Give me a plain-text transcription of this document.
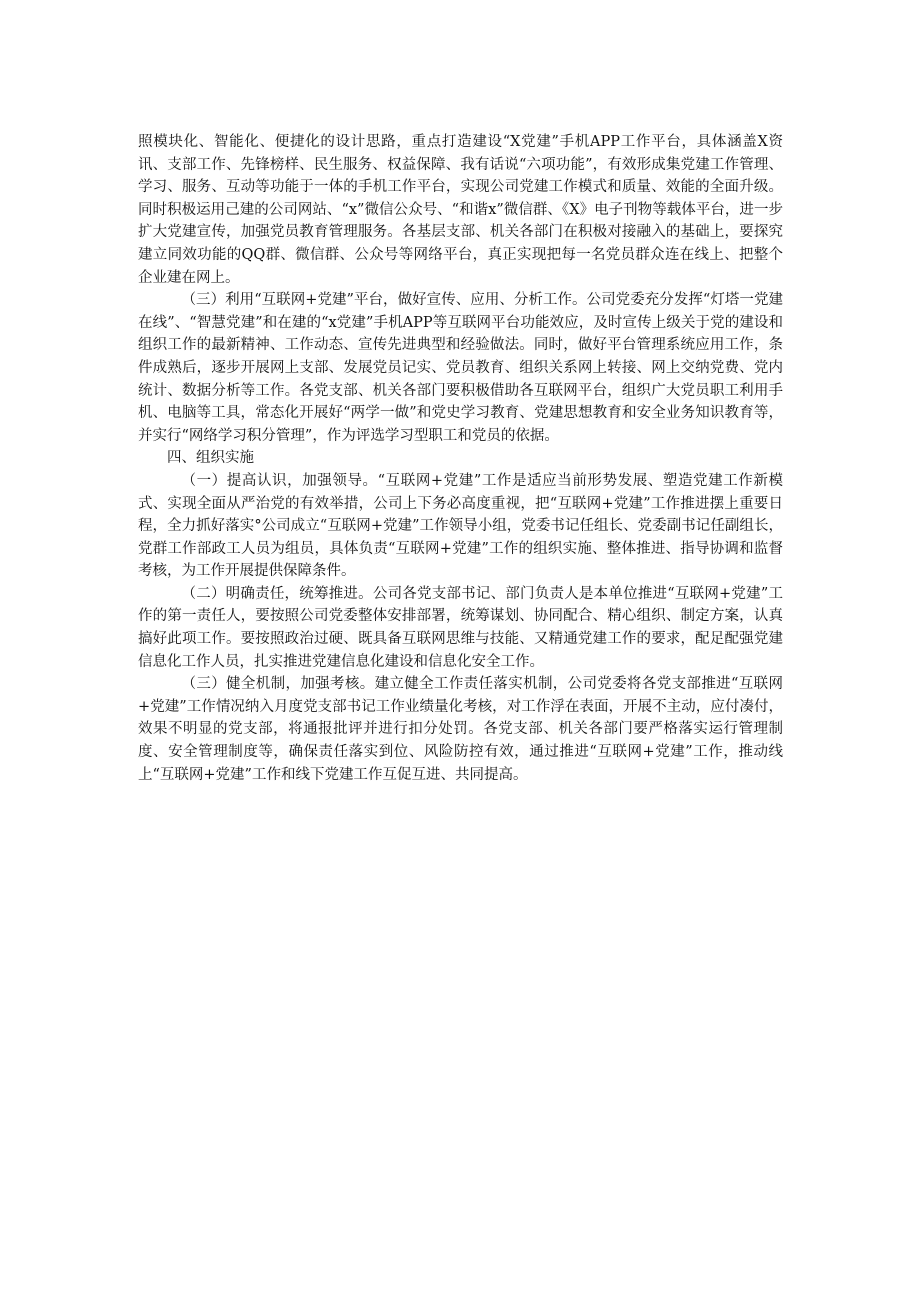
照模块化、智能化、便捷化的设计思路，重点打造建设“X党建”手机APP工作平台，具体涵盖X资讯、支部工作、先锋榜样、民生服务、权益保障、我有话说“六项功能”，有效形成集党建工作管理、学习、服务、互动等功能于一体的手机工作平台，实现公司党建工作模式和质量、效能的全面升级。同时积极运用己建的公司网站、“x”微信公众号、“和谐x”微信群、《X》电子刊物等载体平台，进一步扩大党建宣传，加强党员教育管理服务。各基层支部、机关各部门在积极对接融入的基础上，要探究建立同效功能的QQ群、微信群、公众号等网络平台，真正实现把每一名党员群众连在线上、把整个企业建在网上。

（三）利用“互联网+党建”平台，做好宣传、应用、分析工作。公司党委充分发挥“灯塔一党建在线”、“智慧党建”和在建的“x党建”手机APP等互联网平台功能效应，及时宣传上级关于党的建设和组织工作的最新精神、工作动态、宣传先进典型和经验做法。同时，做好平台管理系统应用工作，条件成熟后，逐步开展网上支部、发展党员记实、党员教育、组织关系网上转接、网上交纳党费、党内统计、数据分析等工作。各党支部、机关各部门要积极借助各互联网平台，组织广大党员职工利用手机、电脑等工具，常态化开展好“两学一做”和党史学习教育、党建思想教育和安全业务知识教育等，并实行“网络学习积分管理”，作为评选学习型职工和党员的依据。

四、组织实施

（一）提高认识，加强领导。“互联网+党建”工作是适应当前形势发展、塑造党建工作新模式、实现全面从严治党的有效举措，公司上下务必高度重视，把“互联网+党建”工作推进摆上重要日程，全力抓好落实°公司成立“互联网+党建”工作领导小组，党委书记任组长、党委副书记任副组长，党群工作部政工人员为组员，具体负责“互联网+党建”工作的组织实施、整体推进、指导协调和监督考核，为工作开展提供保障条件。

（二）明确责任，统筹推进。公司各党支部书记、部门负责人是本单位推进“互联网+党建”工作的第一责任人，要按照公司党委整体安排部署，统筹谋划、协同配合、精心组织、制定方案，认真搞好此项工作。要按照政治过硬、既具备互联网思维与技能、又精通党建工作的要求，配足配强党建信息化工作人员，扎实推进党建信息化建设和信息化安全工作。

（三）健全机制，加强考核。建立健全工作责任落实机制，公司党委将各党支部推进“互联网+党建”工作情况纳入月度党支部书记工作业绩量化考核，对工作浮在表面，开展不主动，应付凑付，效果不明显的党支部，将通报批评并进行扣分处罚。各党支部、机关各部门要严格落实运行管理制度、安全管理制度等，确保责任落实到位、风险防控有效，通过推进“互联网+党建”工作，推动线上“互联网+党建”工作和线下党建工作互促互进、共同提高。
